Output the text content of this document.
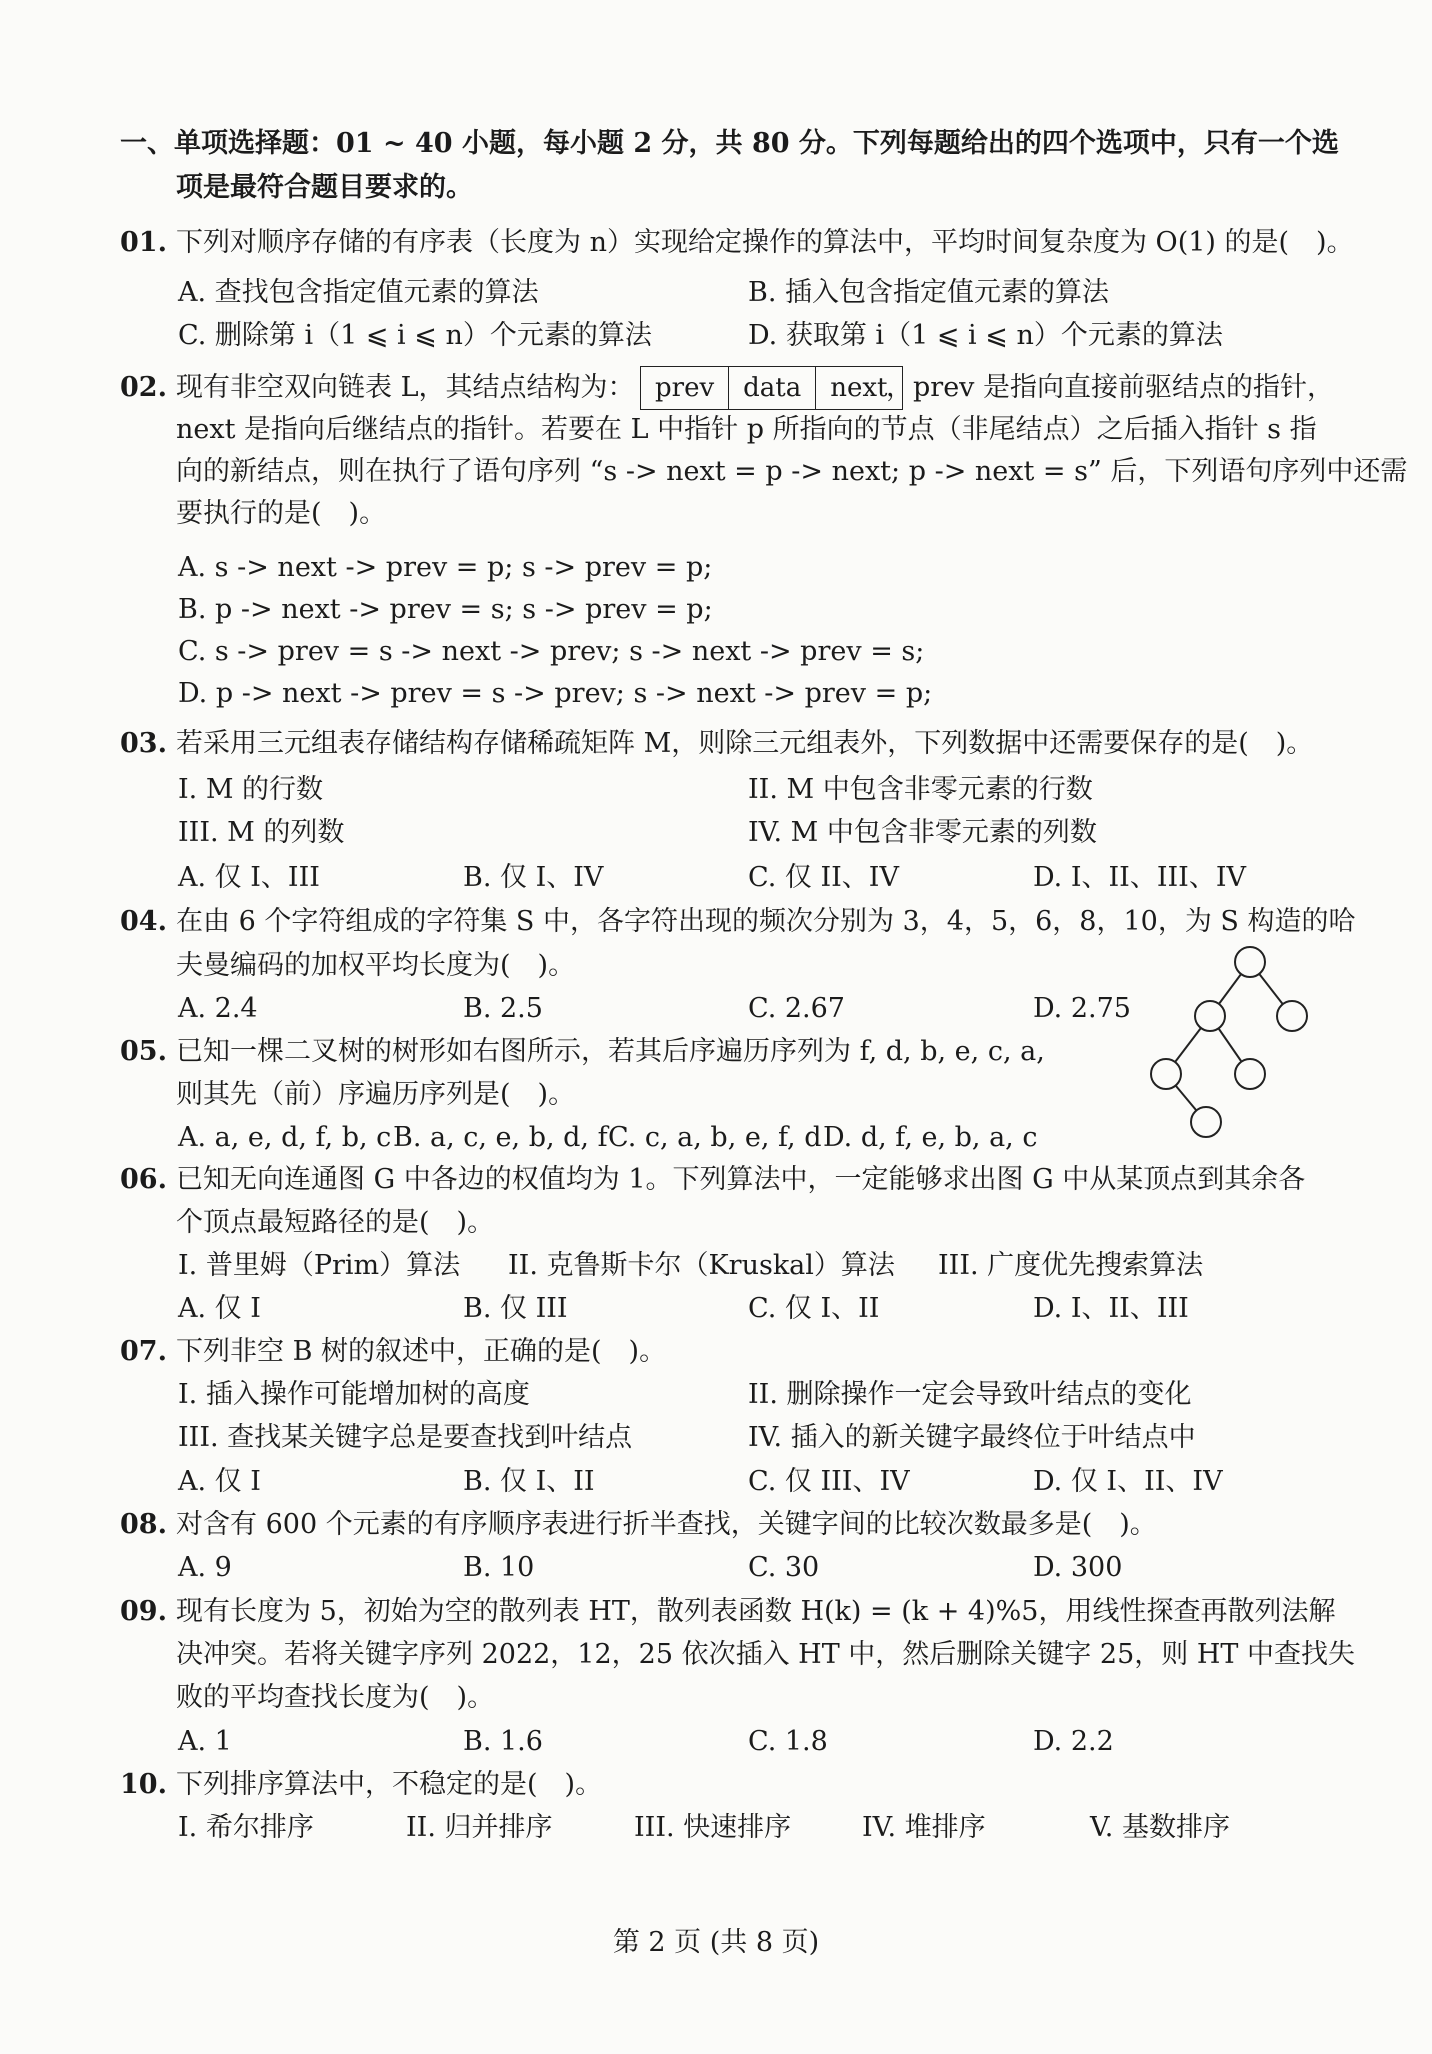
一、单项选择题：01 ~ 40 小题，每小题 2 分，共 80 分。下列每题给出的四个选项中，只有一个选
项是最符合题目要求的。
01. 下列对顺序存储的有序表（长度为 n）实现给定操作的算法中，平均时间复杂度为 O(1) 的是(　)。
A. 查找包含指定值元素的算法	B. 插入包含指定值元素的算法
C. 删除第 i（1 ⩽ i ⩽ n）个元素的算法	D. 获取第 i（1 ⩽ i ⩽ n）个元素的算法
02. 现有非空双向链表 L，其结点结构为： prev	data	next
，prev 是指向直接前驱结点的指针，
next 是指向后继结点的指针。若要在 L 中指针 p 所指向的节点（非尾结点）之后插入指针 s 指
向的新结点，则在执行了语句序列 “s -> next = p -> next; p -> next = s” 后，下列语句序列中还需
要执行的是(　)。
A. s -> next -> prev = p; s -> prev = p;
B. p -> next -> prev = s; s -> prev = p;
C. s -> prev = s -> next -> prev; s -> next -> prev = s;
D. p -> next -> prev = s -> prev; s -> next -> prev = p;
03. 若采用三元组表存储结构存储稀疏矩阵 M，则除三元组表外，下列数据中还需要保存的是(　)。
I. M 的行数	II. M 中包含非零元素的行数
III. M 的列数	IV. M 中包含非零元素的列数
A. 仅 I、III	B. 仅 I、IV	C. 仅 II、IV	D. I、II、III、IV
04. 在由 6 个字符组成的字符集 S 中，各字符出现的频次分别为 3，4，5，6，8，10，为 S 构造的哈
夫曼编码的加权平均长度为(　)。
A. 2.4	B. 2.5	C. 2.67	D. 2.75
05. 已知一棵二叉树的树形如右图所示，若其后序遍历序列为 f, d, b, e, c, a,
则其先（前）序遍历序列是(　)。
A. a, e, d, f, b, c B. a, c, e, b, d, f C. c, a, b, e, f, d D. d, f, e, b, a, c
06. 已知无向连通图 G 中各边的权值均为 1。下列算法中，一定能够求出图 G 中从某顶点到其余各
个顶点最短路径的是(　)。
I. 普里姆（Prim）算法 II. 克鲁斯卡尔（Kruskal）算法 III. 广度优先搜索算法
A. 仅 I	B. 仅 III	C. 仅 I、II	D. I、II、III
07. 下列非空 B 树的叙述中，正确的是(　)。
I. 插入操作可能增加树的高度	II. 删除操作一定会导致叶结点的变化
III. 查找某关键字总是要查找到叶结点	IV. 插入的新关键字最终位于叶结点中
A. 仅 I	B. 仅 I、II	C. 仅 III、IV	D. 仅 I、II、IV
08. 对含有 600 个元素的有序顺序表进行折半查找，关键字间的比较次数最多是(　)。
A. 9	B. 10	C. 30	D. 300
09. 现有长度为 5，初始为空的散列表 HT，散列表函数 H(k) = (k + 4)%5，用线性探查再散列法解
决冲突。若将关键字序列 2022，12，25 依次插入 HT 中，然后删除关键字 25，则 HT 中查找失
败的平均查找长度为(　)。
A. 1	B. 1.6	C. 1.8	D. 2.2
10. 下列排序算法中，不稳定的是(　)。
I. 希尔排序	II. 归并排序	III. 快速排序	IV. 堆排序	V. 基数排序
第 2 页 (共 8 页)
